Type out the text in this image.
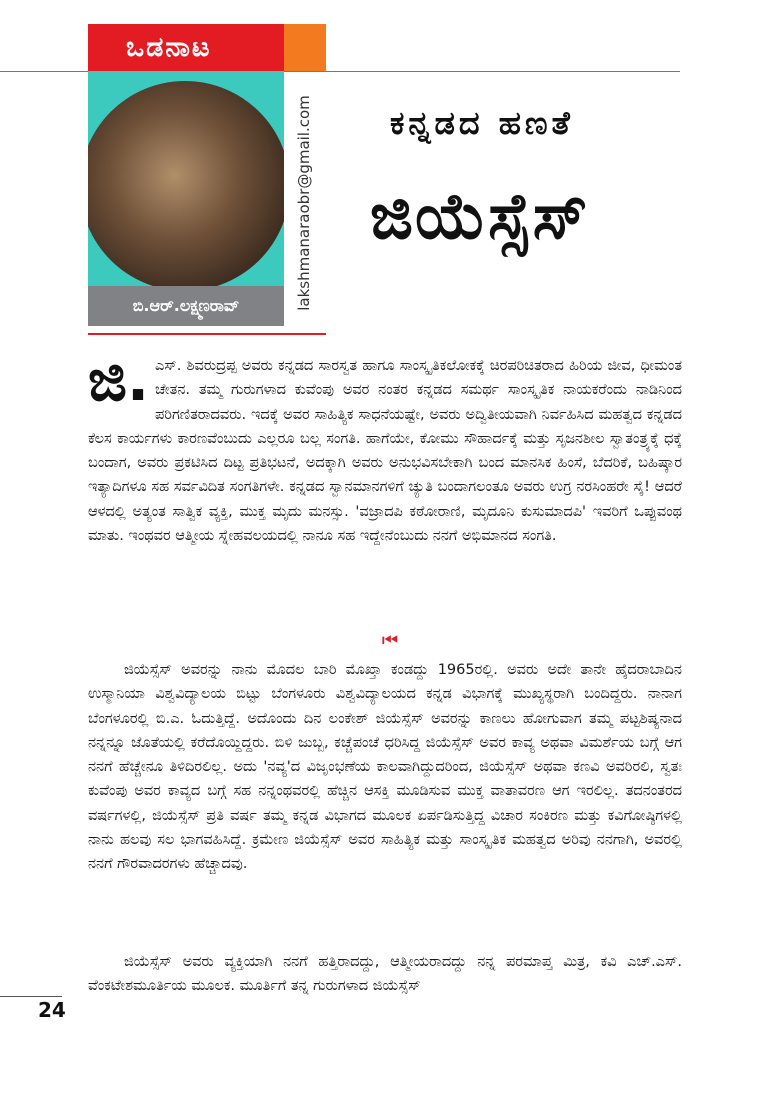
ಒಡನಾಟ
ಬಿ.ಆರ್.ಲಕ್ಷ್ಮಣರಾವ್	lakshmanaraobr@gmail.com ಕನ್ನಡದ ಹಣತೆ
ಜಿಯೆಸ್ಸೆಸ್
ಜಿ. ಎಸ್. ಶಿವರುದ್ರಪ್ಪ ಅವರು ಕನ್ನಡದ ಸಾರಸ್ವತ ಹಾಗೂ ಸಾಂಸ್ಕೃತಿಕಲೋಕಕ್ಕೆ ಚಿರಪರಿಚಿತರಾದ ಹಿರಿಯ ಜೀವ, ಧೀಮಂತ ಚೇತನ. ತಮ್ಮ ಗುರುಗಳಾದ ಕುವೆಂಪು ಅವರ ನಂತರ ಕನ್ನಡದ ಸಮರ್ಥ ಸಾಂಸ್ಕೃತಿಕ ನಾಯಕರೆಂದು ನಾಡಿನಿಂದ ಪರಿಗಣಿತರಾದವರು. ಇದಕ್ಕೆ ಅವರ ಸಾಹಿತ್ಯಿಕ ಸಾಧನೆಯಷ್ಟೇ, ಅವರು ಅದ್ವಿತೀಯವಾಗಿ ನಿರ್ವಹಿಸಿದ ಮಹತ್ವದ ಕನ್ನಡದ ಕೆಲಸ ಕಾರ್ಯಗಳು ಕಾರಣವೆಂಬುದು ಎಲ್ಲರೂ ಬಲ್ಲ ಸಂಗತಿ. ಹಾಗೆಯೇ, ಕೋಮು ಸೌಹಾರ್ದಕ್ಕೆ ಮತ್ತು ಸೃಜನಶೀಲ ಸ್ವಾತಂತ್ರ್ಯಕ್ಕೆ ಧಕ್ಕೆ ಬಂದಾಗ, ಅವರು ಪ್ರಕಟಿಸಿದ ದಿಟ್ಟ ಪ್ರತಿಭಟನೆ, ಅದಕ್ಕಾಗಿ ಅವರು ಅನುಭವಿಸಬೇಕಾಗಿ ಬಂದ ಮಾನಸಿಕ ಹಿಂಸೆ, ಬೆದರಿಕೆ, ಬಹಿಷ್ಕಾರ ಇತ್ಯಾದಿಗಳೂ ಸಹ ಸರ್ವವಿದಿತ ಸಂಗತಿಗಳೇ. ಕನ್ನಡದ ಸ್ವಾನಮಾನಗಳಿಗೆ ಚ್ಯುತಿ ಬಂದಾಗಲಂತೂ ಅವರು ಉಗ್ರ ನರಸಿಂಹರೇ ಸೈ! ಆದರೆ ಆಳದಲ್ಲಿ ಅತ್ಯಂತ ಸಾತ್ವಿಕ ವ್ಯಕ್ತಿ, ಮುಕ್ತ ಮೃದು ಮನಸ್ಸು. 'ವಜ್ರಾದಪಿ ಕಠೋರಾಣಿ, ಮೃದೂನಿ ಕುಸುಮಾದಪಿ' ಇವರಿಗೆ ಒಪ್ಪುವಂಥ ಮಾತು. ಇಂಥವರ ಆತ್ಮೀಯ ಸ್ನೇಹವಲಯದಲ್ಲಿ ನಾನೂ ಸಹ ಇದ್ದೇನೆಂಬುದು ನನಗೆ ಅಭಿಮಾನದ ಸಂಗತಿ.
⏮
ಜಿಯೆಸ್ಸೆಸ್ ಅವರನ್ನು ನಾನು ಮೊದಲ ಬಾರಿ ಮೊಖ್ತಾ ಕಂಡದ್ದು 1965ರಲ್ಲಿ. ಅವರು ಅದೇ ತಾನೇ ಹೈದರಾಬಾದಿನ ಉಸ್ಮಾನಿಯಾ ವಿಶ್ವವಿದ್ಯಾಲಯ ಬಿಟ್ಟು ಬೆಂಗಳೂರು ವಿಶ್ವವಿದ್ಯಾಲಯದ ಕನ್ನಡ ವಿಭಾಗಕ್ಕೆ ಮುಖ್ಯಸ್ಥರಾಗಿ ಬಂದಿದ್ದರು. ನಾನಾಗ ಬೆಂಗಳೂರಲ್ಲಿ ಬಿ.ಎ. ಓದುತ್ತಿದ್ದೆ. ಅದೊಂದು ದಿನ ಲಂಕೇಶ್ ಜಿಯೆಸ್ಸೆಸ್ ಅವರನ್ನು ಕಾಣಲು ಹೋಗುವಾಗ ತಮ್ಮ ಪಟ್ಟಶಿಷ್ಯನಾದ ನನ್ನನ್ನೂ ಜೊತೆಯಲ್ಲಿ ಕರೆದೊಯ್ದಿದ್ದರು. ಬಿಳಿ ಜುಬ್ಬ, ಕಚ್ಚೆಪಂಚೆ ಧರಿಸಿದ್ದ ಜಿಯೆಸ್ಸೆಸ್ ಅವರ ಕಾವ್ಯ ಅಥವಾ ವಿಮರ್ಶೆಯ ಬಗ್ಗೆ ಆಗ ನನಗೆ ಹೆಚ್ಚೇನೂ ತಿಳಿದಿರಲಿಲ್ಲ. ಅದು 'ನವ್ಯ'ದ ವಿಜೃಂಭಣೆಯ ಕಾಲವಾಗಿದ್ದುದರಿಂದ, ಜಿಯೆಸ್ಸೆಸ್ ಅಥವಾ ಕಣವಿ ಅವರಿರಲಿ, ಸ್ವತಃ ಕುವೆಂಪು ಅವರ ಕಾವ್ಯದ ಬಗ್ಗೆ ಸಹ ನನ್ನಂಥವರಲ್ಲಿ ಹೆಚ್ಚಿನ ಆಸಕ್ತಿ ಮೂಡಿಸುವ ಮುಕ್ತ ವಾತಾವರಣ ಆಗ ಇರಲಿಲ್ಲ. ತದನಂತರದ ವರ್ಷಗಳಲ್ಲಿ, ಜಿಯೆಸ್ಸೆಸ್ ಪ್ರತಿ ವರ್ಷ ತಮ್ಮ ಕನ್ನಡ ವಿಭಾಗದ ಮೂಲಕ ಏರ್ಪಡಿಸುತ್ತಿದ್ದ ವಿಚಾರ ಸಂಕಿರಣ ಮತ್ತು ಕವಿಗೋಷ್ಠಿಗಳಲ್ಲಿ ನಾನು ಹಲವು ಸಲ ಭಾಗವಹಿಸಿದ್ದೆ. ಕ್ರಮೇಣ ಜಿಯೆಸ್ಸೆಸ್ ಅವರ ಸಾಹಿತ್ಯಿಕ ಮತ್ತು ಸಾಂಸ್ಕೃತಿಕ ಮಹತ್ವದ ಅರಿವು ನನಗಾಗಿ, ಅವರಲ್ಲಿ ನನಗೆ ಗೌರವಾದರಗಳು ಹೆಚ್ಚಾದವು.
ಜಿಯೆಸ್ಸೆಸ್ ಅವರು ವ್ಯಕ್ತಿಯಾಗಿ ನನಗೆ ಹತ್ತಿರಾದದ್ದು, ಆತ್ಮೀಯರಾದದ್ದು ನನ್ನ ಪರಮಾಪ್ತ ಮಿತ್ರ, ಕವಿ ಎಚ್.ಎಸ್. ವೆಂಕಟೇಶಮೂರ್ತಿಯ ಮೂಲಕ. ಮೂರ್ತಿಗೆ ತನ್ನ ಗುರುಗಳಾದ ಜಿಯೆಸ್ಸೆಸ್
24
